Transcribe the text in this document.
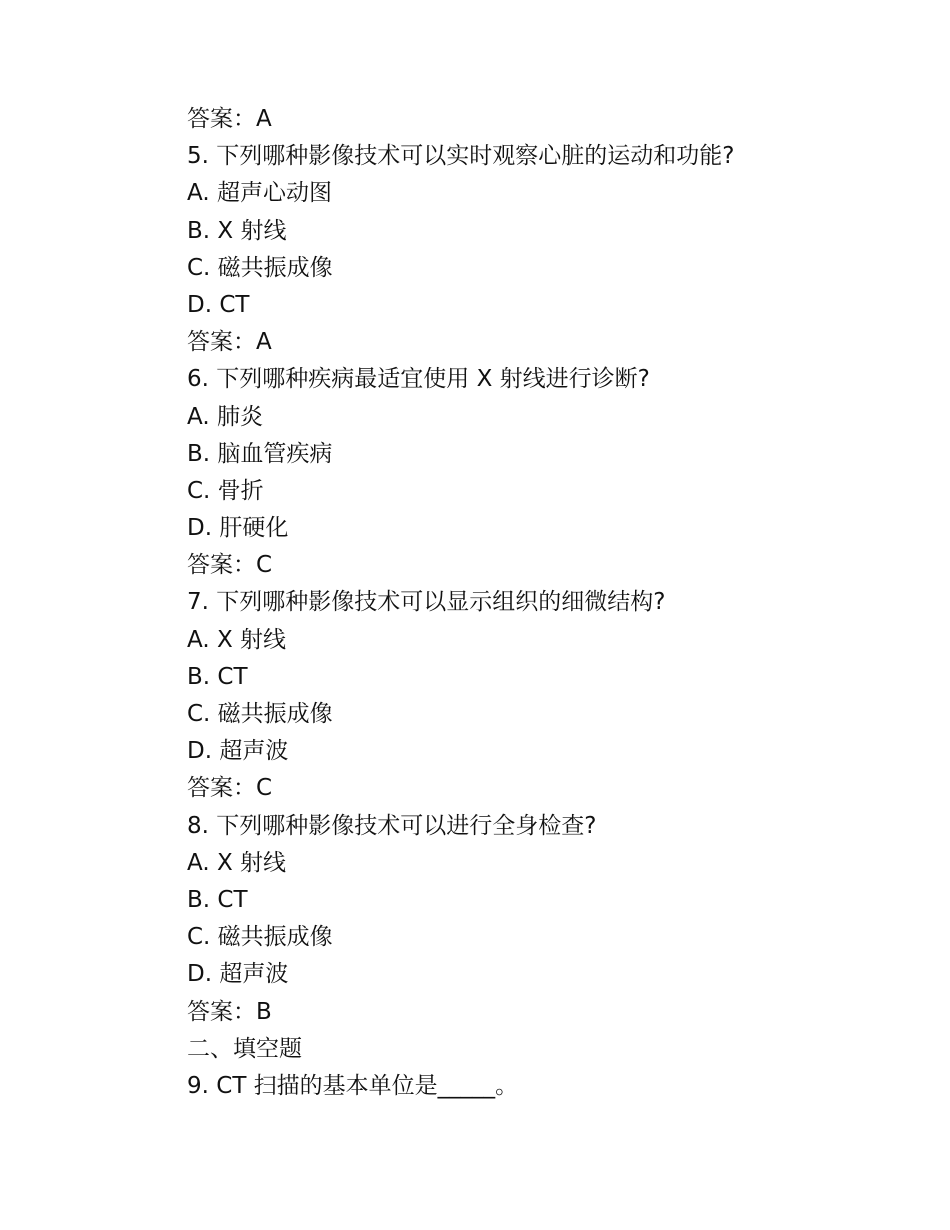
答案：A
5. 下列哪种影像技术可以实时观察心脏的运动和功能?
A. 超声心动图
B. X 射线
C. 磁共振成像
D. CT
答案：A
6. 下列哪种疾病最适宜使用 X 射线进行诊断?
A. 肺炎
B. 脑血管疾病
C. 骨折
D. 肝硬化
答案：C
7. 下列哪种影像技术可以显示组织的细微结构?
A. X 射线
B. CT
C. 磁共振成像
D. 超声波
答案：C
8. 下列哪种影像技术可以进行全身检查?
A. X 射线
B. CT
C. 磁共振成像
D. 超声波
答案：B
二、填空题
9. CT 扫描的基本单位是_____。
